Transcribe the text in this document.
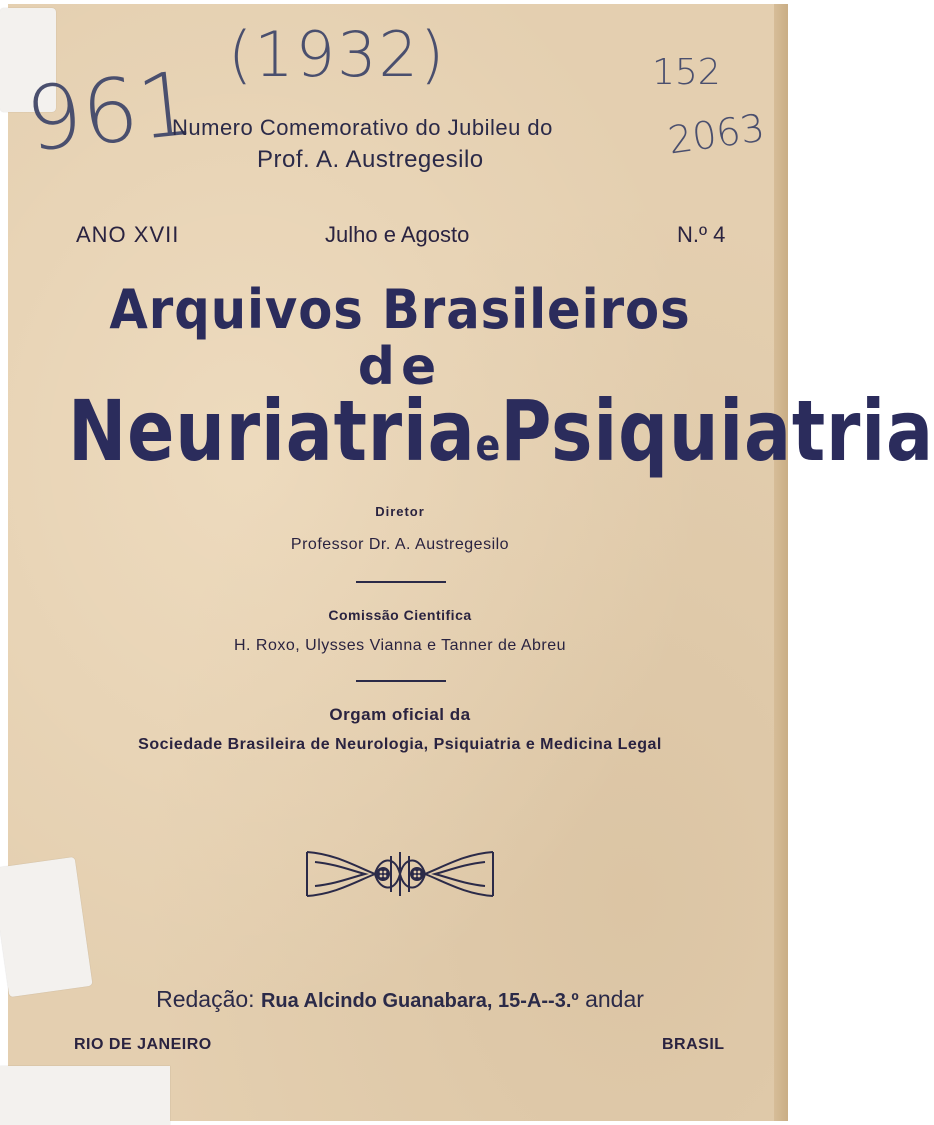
(1932)
961	152
2063
Numero Comemorativo do Jubileu do
Prof. A. Austregesilo
ANO XVII	Julho e Agosto	N.º 4
Arquivos Brasileiros
de
NeuriatriaePsiquiatria
Diretor
Professor Dr. A. Austregesilo
Comissão Cientifica
H. Roxo, Ulysses Vianna e Tanner de Abreu
Orgam oficial da
Sociedade Brasileira de Neurologia, Psiquiatria e Medicina Legal
Redação: Rua Alcindo Guanabara, 15-A--3.º andar
RIO DE JANEIRO	BRASIL
